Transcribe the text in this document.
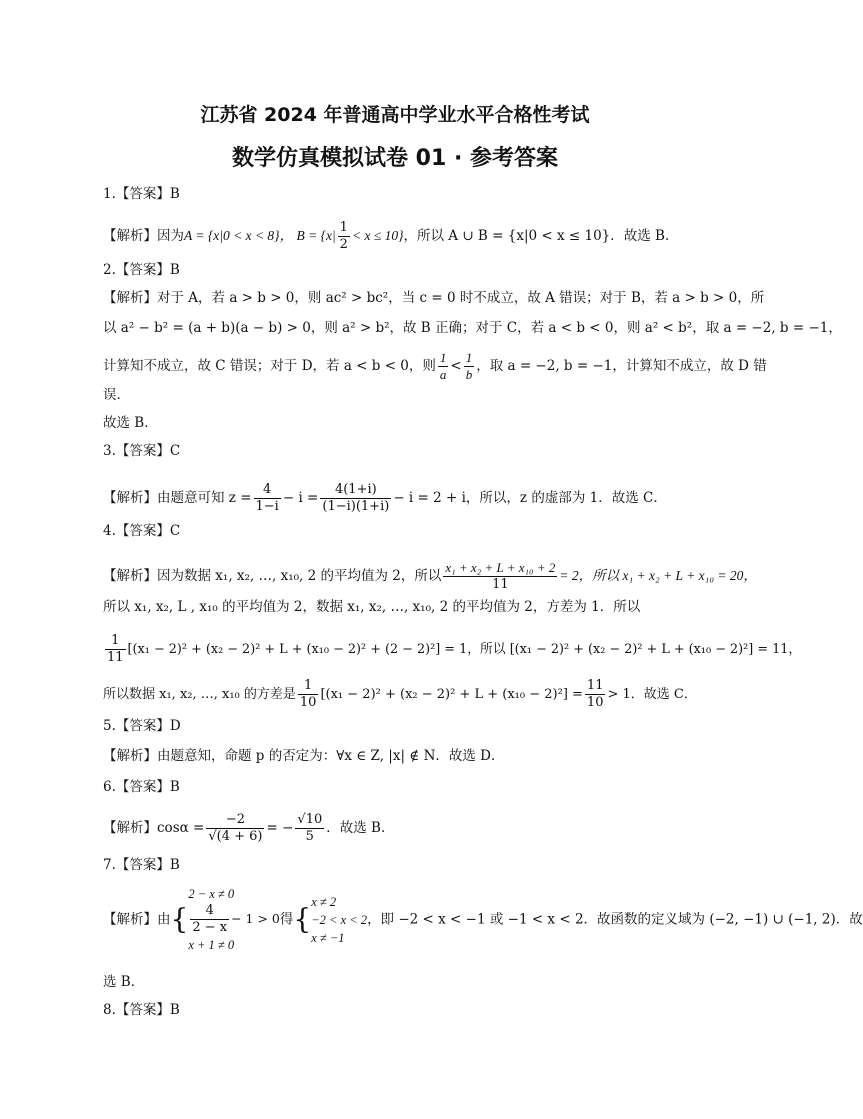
江苏省 2024 年普通高中学业水平合格性考试
数学仿真模拟试卷 01 · 参考答案
1.【答案】B
【解析】因为A = {x|0 < x < 8}， $B = \{x| \frac{1}{2} < x \le 10\}$，所以 A ∪ B = {x|0 < x ≤ 10}．故选 B．
2.【答案】B
【解析】对于 A，若 a > b > 0，则 ac² > bc²，当 c = 0 时不成立，故 A 错误；对于 B，若 a > b > 0，所
以 a² − b² = (a + b)(a − b) > 0，则 a² > b²，故 B 正确；对于 C，若 a < b < 0，则 a² < b²，取 a = −2, b = −1，
计算知不成立，故 C 错误；对于 D，若 a < b < 0，则 $\frac{1}{a} < \frac{1}{b}$ ，取 a = −2, b = −1，计算知不成立，故 D 错
误．
故选 B．
3.【答案】C
【解析】由题意可知 $z = \frac{4}{1-i} - i = \frac{4(1+i)}{(1-i)(1+i)} - i = 2 + i$，所以，z 的虚部为 1．故选 C．
4.【答案】C
【解析】因为数据 x₁, x₂, …, x₁₀, 2 的平均值为 2，所以 $\frac{\text{x₁ + x₂ + L + x₁₀ + 2}}{11} = 2$，所以 x₁ + x₂ + L + x₁₀ = 20，
所以 x₁, x₂, L , x₁₀ 的平均值为 2，数据 x₁, x₂, …, x₁₀, 2 的平均值为 2，方差为 1．所以
$\frac{1}{11} [(x_1 - 2)^2 + (x_2 - 2)^2 + L + (x_{10} - 2)^2 + (2 - 2)^2] = 1$，所以 [(x₁ − 2)² + (x₂ − 2)² + L + (x₁₀ − 2)²] = 11，
所以数据 x₁, x₂, …, x₁₀ 的方差是 $\frac{1}{10} [(x_1 - 2)^2 + (x_2 - 2)^2 + L + (x_{10} - 2)^2] = \frac{11}{10} > 1$．故选 C．
5.【答案】D
【解析】由题意知，命题 p 的否定为：∀x ∈ Z, |x| ∉ N．故选 D．
6.【答案】B
【解析】$\cos\alpha = \frac{-2}{√(4 + 6)}$ = − $\frac{√10}{5}$ ．故选 B．
7.【答案】B
【解析】由{
2 − x ≠ 0
$\frac{4}{2 - x} - 1 > 0$
x + 1 ≠ 0
得{
x ≠ 2
−2 < x < 2
x ≠ −1
，即 −2 < x < −1 或 −1 < x < 2．故函数的定义域为 (−2, −1) ∪ (−1, 2)．故
选 B．
8.【答案】B
